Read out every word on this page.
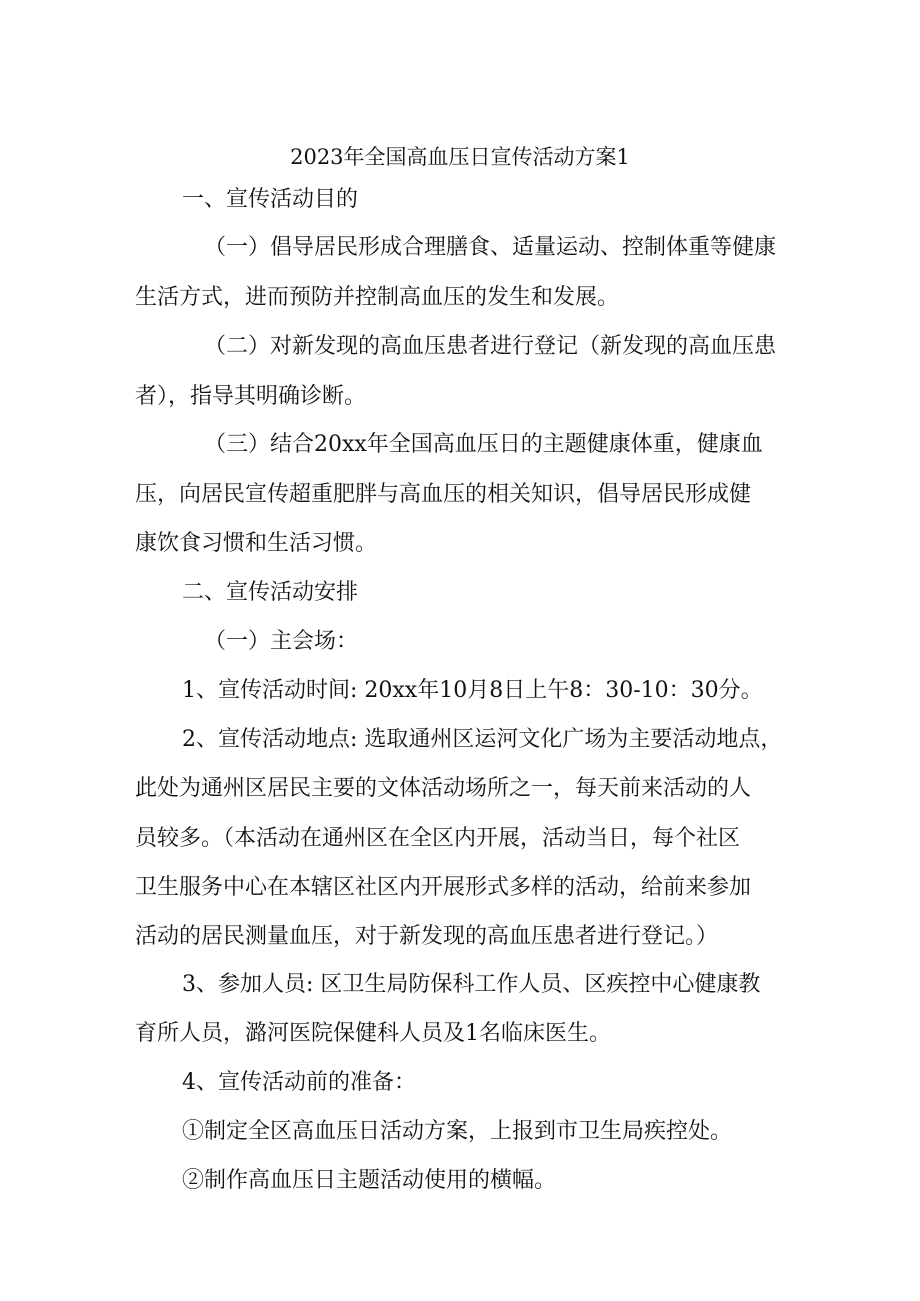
2023年全国高血压日宣传活动方案1
一、宣传活动目的
（一）倡导居民形成合理膳食、适量运动、控制体重等健康
生活方式，进而预防并控制高血压的发生和发展。
（二）对新发现的高血压患者进行登记（新发现的高血压患
者），指导其明确诊断。
（三）结合20xx年全国高血压日的主题健康体重，健康血
压，向居民宣传超重肥胖与高血压的相关知识，倡导居民形成健
康饮食习惯和生活习惯。
二、宣传活动安排
（一）主会场：
1、宣传活动时间: 20xx年10月8日上午8：30-10：30分。
2、宣传活动地点: 选取通州区运河文化广场为主要活动地点，
此处为通州区居民主要的文体活动场所之一，每天前来活动的人
员较多。（本活动在通州区在全区内开展，活动当日，每个社区
卫生服务中心在本辖区社区内开展形式多样的活动，给前来参加
活动的居民测量血压，对于新发现的高血压患者进行登记。）
3、参加人员: 区卫生局防保科工作人员、区疾控中心健康教
育所人员，潞河医院保健科人员及1名临床医生。
4、宣传活动前的准备：
①制定全区高血压日活动方案，上报到市卫生局疾控处。
②制作高血压日主题活动使用的横幅。
